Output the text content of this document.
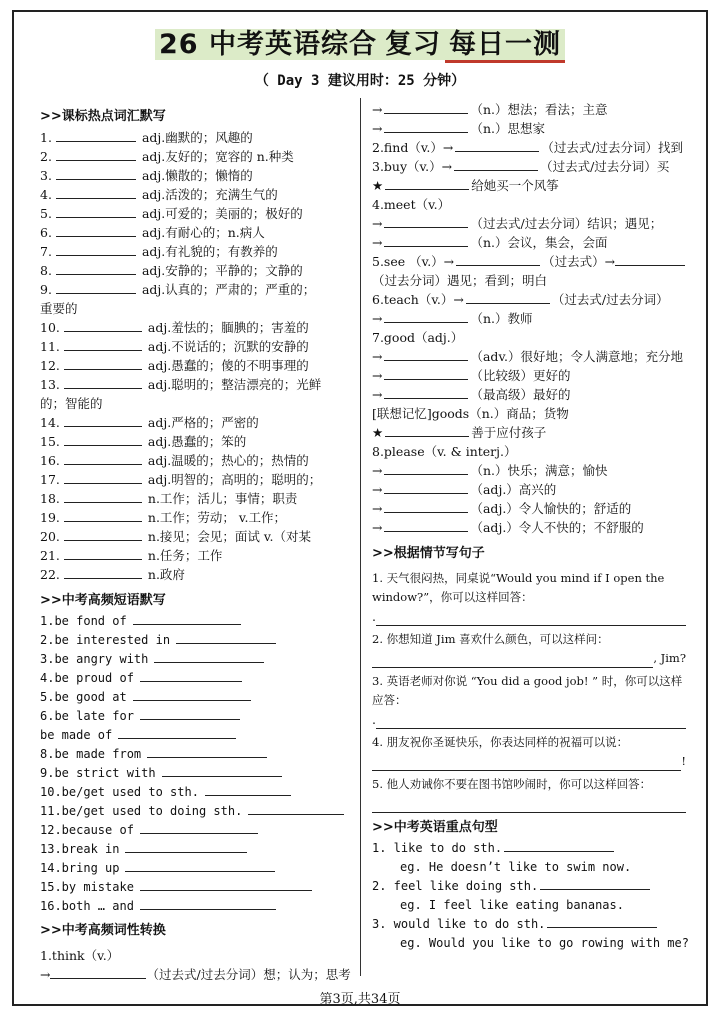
26 中考英语综合 复习 每日一测
（ Day 3 建议用时：25 分钟）
>>课标热点词汇默写
1.	adj.幽默的；风趣的
2.	adj.友好的；宽容的 n.种类
3.	adj.懒散的；懒惰的
4.	adj.活泼的；充满生气的
5.	adj.可爱的；美丽的；极好的
6.	adj.有耐心的；n.病人
7.	adj.有礼貌的；有教养的
8.	adj.安静的；平静的；文静的
9.	adj.认真的；严肃的；严重的；
重要的
10.	adj.羞怯的；腼腆的；害羞的
11.	adj.不说话的；沉默的安静的
12.	adj.愚蠢的；傻的不明事理的
13.	adj.聪明的；整洁漂亮的；光鲜
的；智能的
14.	adj.严格的；严密的
15.	adj.愚蠢的；笨的
16.	adj.温暖的；热心的；热情的
17.	adj.明智的；高明的；聪明的；
18.	n.工作；活儿；事情；职责
19.	n.工作；劳动； v.工作；
20.	n.接见；会见；面试 v.（对某
21.	n.任务；工作
22.	n.政府
>>中考高频短语默写
1.be fond of
2.be interested in
3.be angry with
4.be proud of
5.be good at
6.be late for
be made of
8.be made from
9.be strict with
10.be/get used to sth.
11.be/get used to doing sth.
12.because of
13.break in
14.bring up
15.by mistake
16.both … and
>>中考高频词性转换
1.think（v.）
→	（过去式/过去分词）想；认为；思考
→	（n.）想法；看法；主意
→	（n.）思想家
2.find（v.）→	（过去式/过去分词）找到
3.buy（v.）→	（过去式/过去分词）买
★	给她买一个风筝
4.meet（v.）
→	（过去式/过去分词）结识；遇见；
→	（n.）会议，集会，会面
5.see （v.）→	（过去式）→
（过去分词）遇见；看到；明白
6.teach（v.）→	（过去式/过去分词）
→	（n.）教师
7.good（adj.）
→	（adv.）很好地；令人满意地；充分地
→	（比较级）更好的
→	（最高级）最好的
[联想记忆]goods（n.）商品；货物
★	善于应付孩子
8.please（v. & interj.）
→	（n.）快乐；满意；愉快
→	（adj.）高兴的
→	（adj.）令人愉快的；舒适的
→	（adj.）令人不快的；不舒服的
>>根据情节写句子
1. 天气很闷热，同桌说“Would you mind if I open the window?”，你可以这样回答：
.
2. 你想知道 Jim 喜欢什么颜色，可以这样问：
, Jim?
3. 英语老师对你说 “You did a good job! ” 时，你可以这样应答：
.
4. 朋友祝你圣诞快乐，你表达同样的祝福可以说：
!
5. 他人劝诫你不要在图书馆吵闹时，你可以这样回答：
>>中考英语重点句型
1. like to do sth.
eg. He doesn’t like to swim now.
2. feel like doing sth.
eg. I feel like eating bananas.
3. would like to do sth.
eg. Would you like to go rowing with me?
第3页,共34页
